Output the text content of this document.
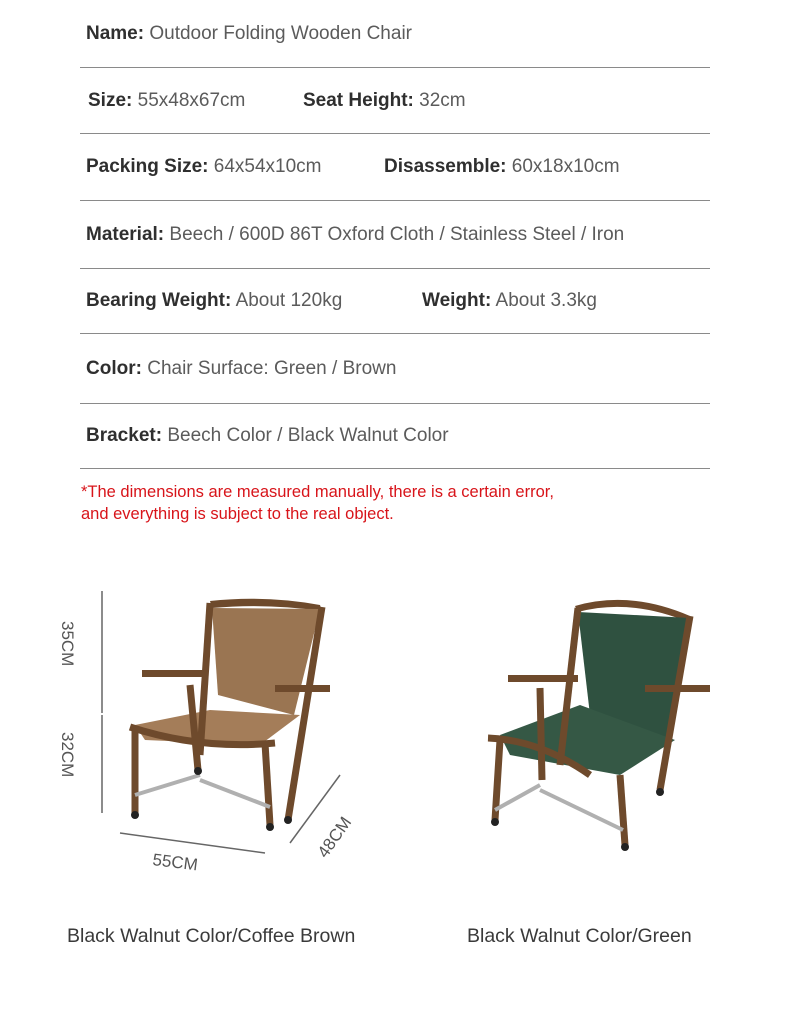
Name: Outdoor Folding Wooden Chair
Size: 55x48x67cm	Seat Height: 32cm
Packing Size: 64x54x10cm	Disassemble: 60x18x10cm
Material: Beech / 600D 86T Oxford Cloth / Stainless Steel / Iron
Bearing Weight: About 120kg	Weight: About 3.3kg
Color: Chair Surface: Green / Brown
Bracket: Beech Color / Black Walnut Color
*The dimensions are measured manually, there is a certain error,
and everything is subject to the real object.
35CM
32CM
55CM
48CM
Black Walnut Color/Coffee Brown	Black Walnut Color/Green
